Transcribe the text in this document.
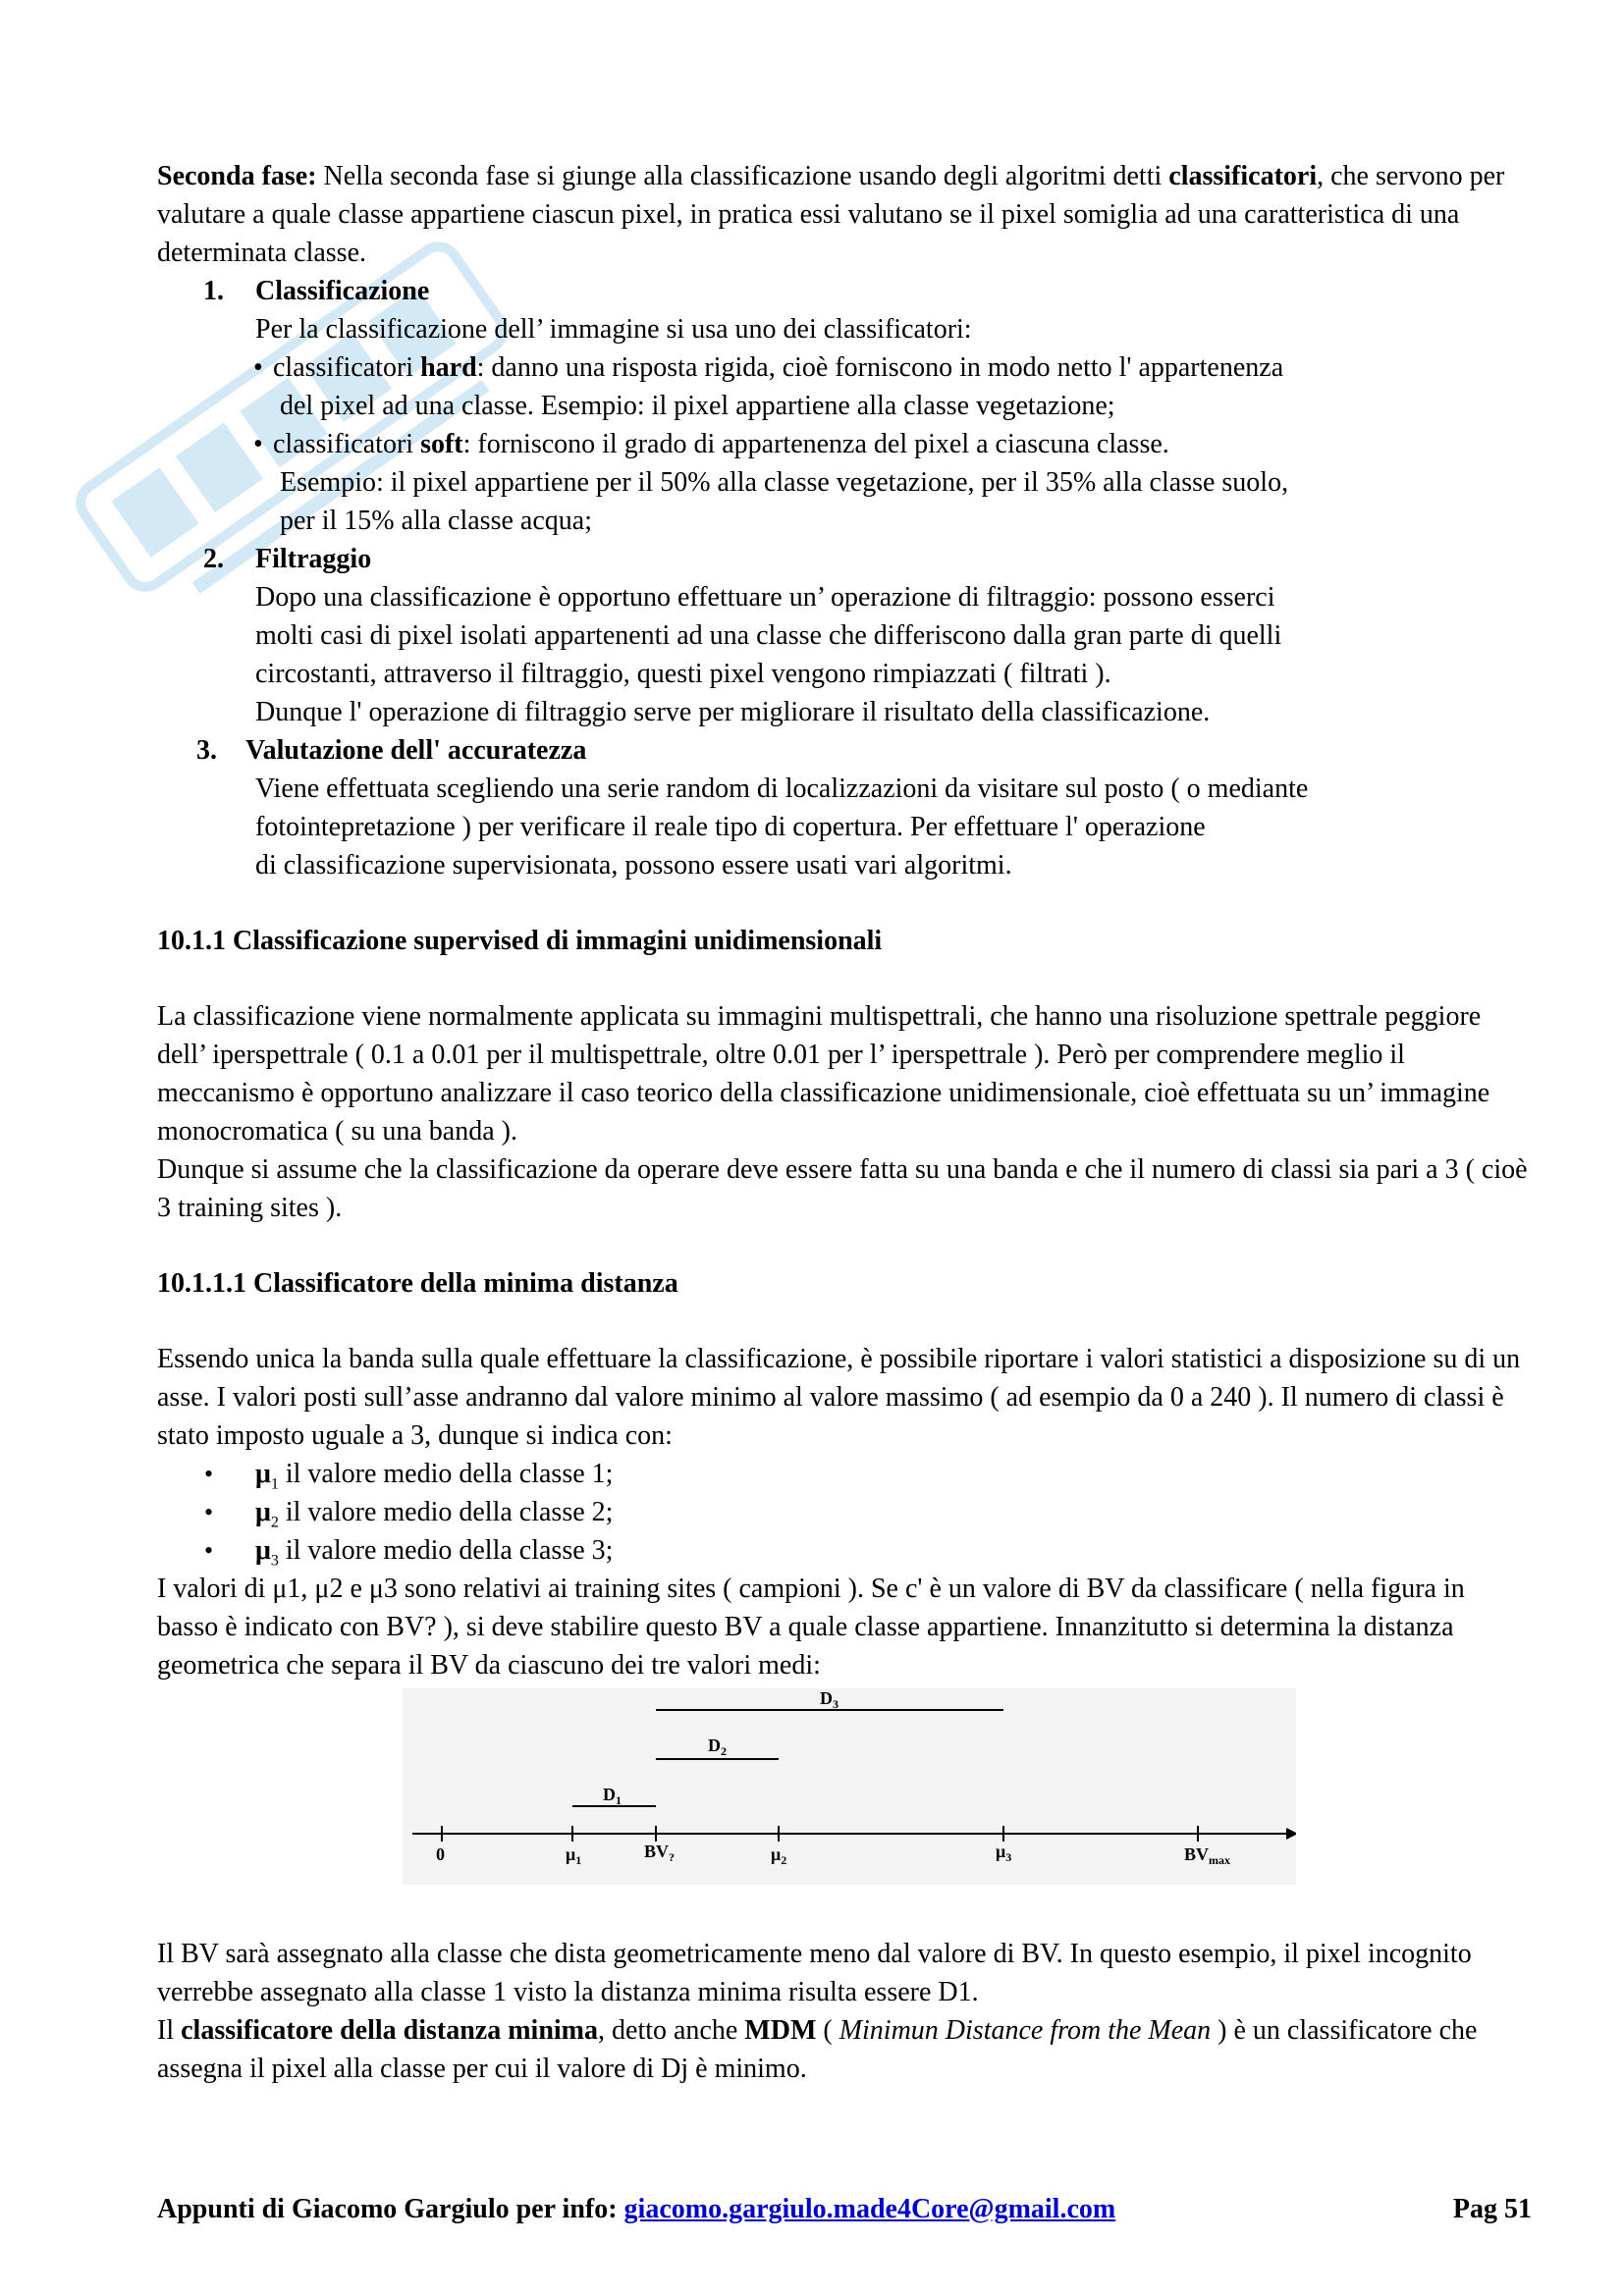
Seconda fase: Nella seconda fase si giunge alla classificazione usando degli algoritmi detti classificatori, che servono per valutare a quale classe appartiene ciascun pixel, in pratica essi valutano se il pixel somiglia ad una caratteristica di una determinata classe.

1. Classificazione

Per la classificazione dell’ immagine si usa uno dei classificatori:

• classificatori hard: danno una risposta rigida, cioè forniscono in modo netto l' appartenenza

del pixel ad una classe. Esempio: il pixel appartiene alla classe vegetazione;

• classificatori soft: forniscono il grado di appartenenza del pixel a ciascuna classe.

Esempio: il pixel appartiene per il 50% alla classe vegetazione, per il 35% alla classe suolo,

per il 15% alla classe acqua;

2. Filtraggio

Dopo una classificazione è opportuno effettuare un’ operazione di filtraggio: possono esserci

molti casi di pixel isolati appartenenti ad una classe che differiscono dalla gran parte di quelli

circostanti, attraverso il filtraggio, questi pixel vengono rimpiazzati ( filtrati ).

Dunque l' operazione di filtraggio serve per migliorare il risultato della classificazione.

3. Valutazione dell' accuratezza

Viene effettuata scegliendo una serie random di localizzazioni da visitare sul posto ( o mediante

fotointepretazione ) per verificare il reale tipo di copertura. Per effettuare l' operazione

di classificazione supervisionata, possono essere usati vari algoritmi.

10.1.1 Classificazione supervised di immagini unidimensionali

La classificazione viene normalmente applicata su immagini multispettrali, che hanno una risoluzione spettrale peggiore dell’ iperspettrale ( 0.1 a 0.01 per il multispettrale, oltre 0.01 per l’ iperspettrale ). Però per comprendere meglio il meccanismo è opportuno analizzare il caso teorico della classificazione unidimensionale, cioè effettuata su un’ immagine monocromatica ( su una banda ).

Dunque si assume che la classificazione da operare deve essere fatta su una banda e che il numero di classi sia pari a 3 ( cioè 3 training sites ).

10.1.1.1 Classificatore della minima distanza

Essendo unica la banda sulla quale effettuare la classificazione, è possibile riportare i valori statistici a disposizione su di un asse. I valori posti sull’asse andranno dal valore minimo al valore massimo ( ad esempio da 0 a 240 ). Il numero di classi è stato imposto uguale a 3, dunque si indica con:

• $\mu_1$ il valore medio della classe 1;

• $\mu_2$ il valore medio della classe 2;

• $\mu_3$ il valore medio della classe 3;

I valori di μ1, μ2 e μ3 sono relativi ai training sites ( campioni ). Se c' è un valore di BV da classificare ( nella figura in basso è indicato con BV? ), si deve stabilire questo BV a quale classe appartiene. Innanzitutto si determina la distanza geometrica che separa il BV da ciascuno dei tre valori medi:

Il BV sarà assegnato alla classe che dista geometricamente meno dal valore di BV. In questo esempio, il pixel incognito verrebbe assegnato alla classe 1 visto la distanza minima risulta essere D1.

Il classificatore della distanza minima, detto anche MDM ( Minimun Distance from the Mean ) è un classificatore che assegna il pixel alla classe per cui il valore di Dj è minimo.

0	$\mu_1$	$BV_?$	$\mu_2$	$\mu_3$	$BV_{max}$
$D_1$
$D_2$
$D_3$
Appunti di Giacomo Gargiulo per info: giacomo.gargiulo.made4Core@gmail.com	Pag 51
